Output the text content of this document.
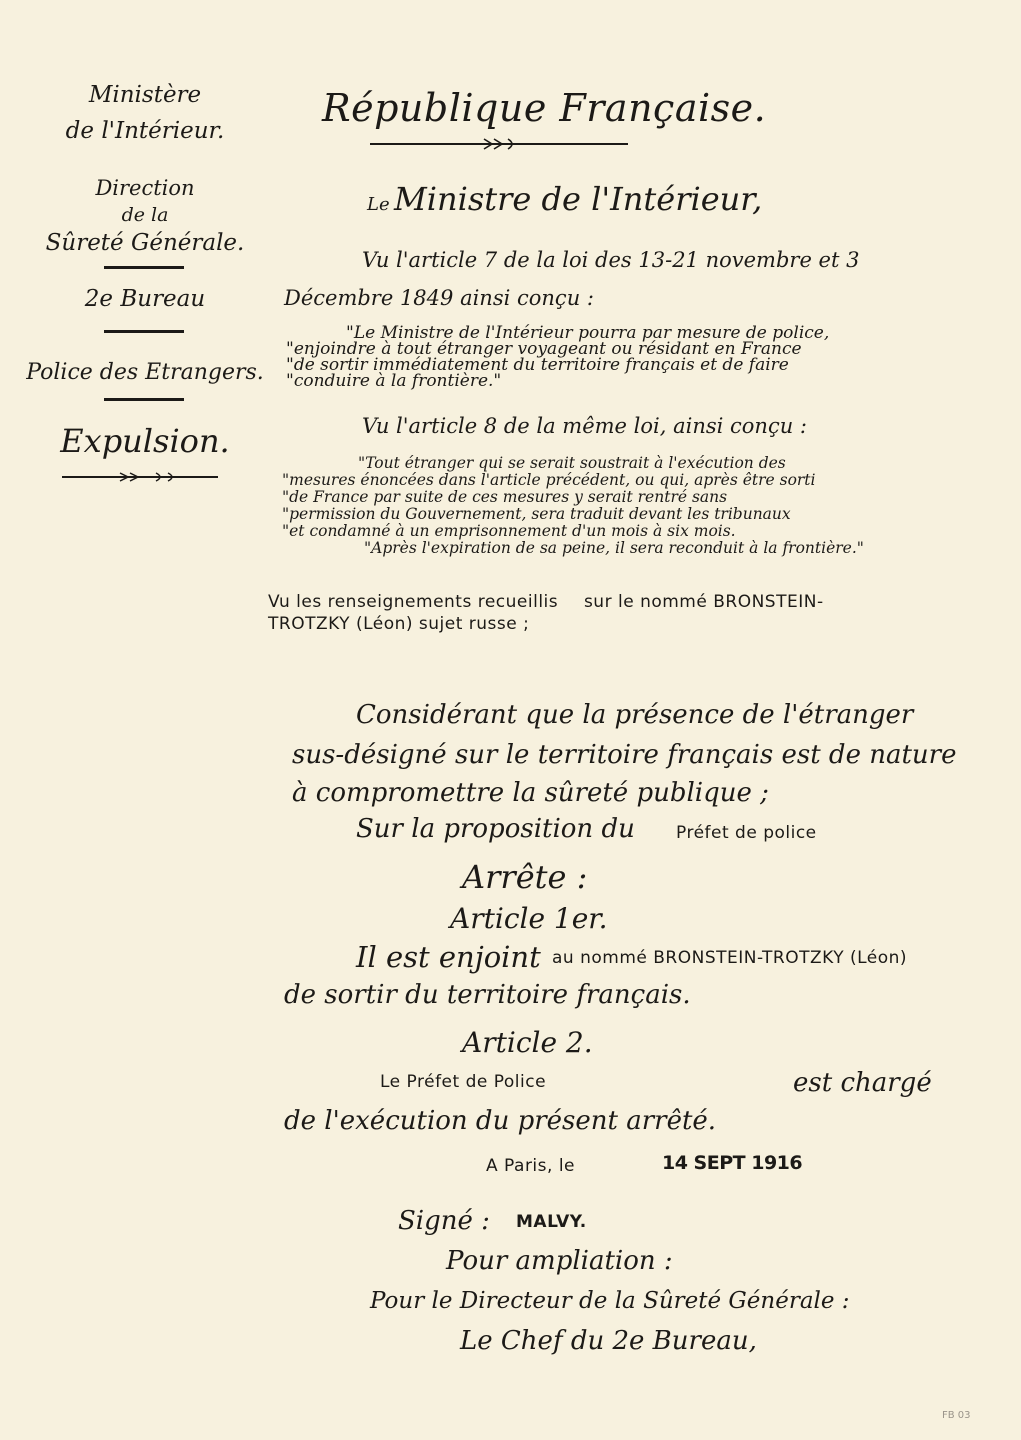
Ministère
de l'Intérieur.
Direction
de la
Sûreté Générale.
2e Bureau
Police des Etrangers.
Expulsion.
République Française.
Le Ministre de l'Intérieur,
Vu l'article 7 de la loi des 13-21 novembre et 3
Décembre 1849 ainsi conçu :
"Le Ministre de l'Intérieur pourra par mesure de police,
"enjoindre à tout étranger voyageant ou résidant en France
"de sortir immédiatement du territoire français et de faire
"conduire à la frontière."
Vu l'article 8 de la même loi, ainsi conçu :
"Tout étranger qui se serait soustrait à l'exécution des
"mesures énoncées dans l'article précédent, ou qui, après être sorti
"de France par suite de ces mesures y serait rentré sans
"permission du Gouvernement, sera traduit devant les tribunaux
"et condamné à un emprisonnement d'un mois à six mois.
"Après l'expiration de sa peine, il sera reconduit à la frontière."
Vu les renseignements recueillis sur le nommé BRONSTEIN-
TROTZKY (Léon) sujet russe ;
Considérant que la présence de l'étranger
sus-désigné sur le territoire français est de nature
à compromettre la sûreté publique ;
Sur la proposition du Préfet de police
Arrête :
Article 1er.
Il est enjoint au nommé BRONSTEIN-TROTZKY (Léon)
de sortir du territoire français.
Article 2.
Le Préfet de Police	est chargé
de l'exécution du présent arrêté.
A Paris, le	14 SEPT 1916
Signé : MALVY.
Pour ampliation :
Pour le Directeur de la Sûreté Générale :
Le Chef du 2e Bureau,
FB 03
